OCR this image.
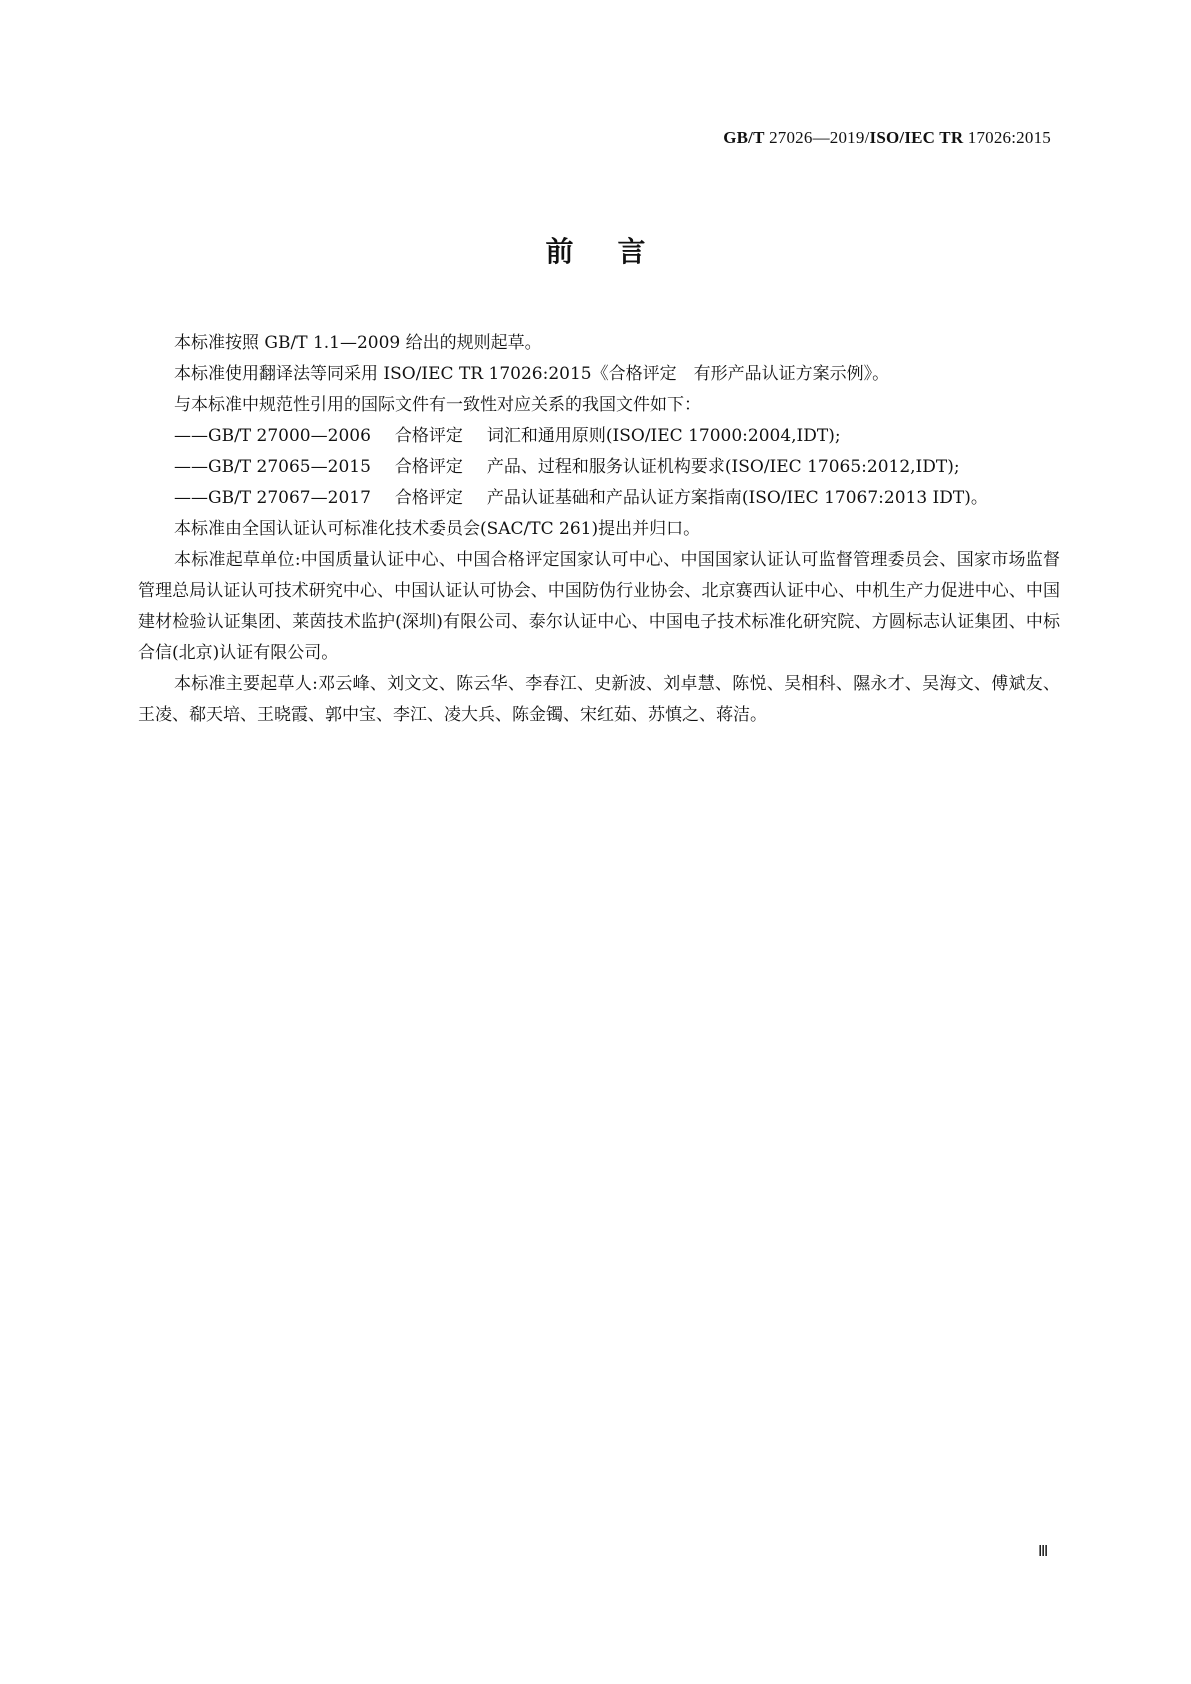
GB/T 27026—2019/ISO/IEC TR 17026:2015
前言

本标准按照 GB/T 1.1—2009 给出的规则起草。

本标准使用翻译法等同采用 ISO/IEC TR 17026:2015《合格评定　有形产品认证方案示例》。

与本标准中规范性引用的国际文件有一致性对应关系的我国文件如下：

——GB/T 27000—2006 合格评定 词汇和通用原则(ISO/IEC 17000:2004,IDT);

——GB/T 27065—2015 合格评定 产品、过程和服务认证机构要求(ISO/IEC 17065:2012,IDT);

——GB/T 27067—2017 合格评定 产品认证基础和产品认证方案指南(ISO/IEC 17067:2013 IDT)。

本标准由全国认证认可标准化技术委员会(SAC/TC 261)提出并归口。

本标准起草单位:中国质量认证中心、中国合格评定国家认可中心、中国国家认证认可监督管理委员会、国家市场监督管理总局认证认可技术研究中心、中国认证认可协会、中国防伪行业协会、北京赛西认证中心、中机生产力促进中心、中国建材检验认证集团、莱茵技术监护(深圳)有限公司、泰尔认证中心、中国电子技术标准化研究院、方圆标志认证集团、中标合信(北京)认证有限公司。

本标准主要起草人:邓云峰、刘文文、陈云华、李春江、史新波、刘卓慧、陈悦、吴相科、隰永才、吴海文、傅斌友、王凌、郗天培、王晓霞、郭中宝、李江、凌大兵、陈金镯、宋红茹、苏慎之、蒋洁。

Ⅲ
